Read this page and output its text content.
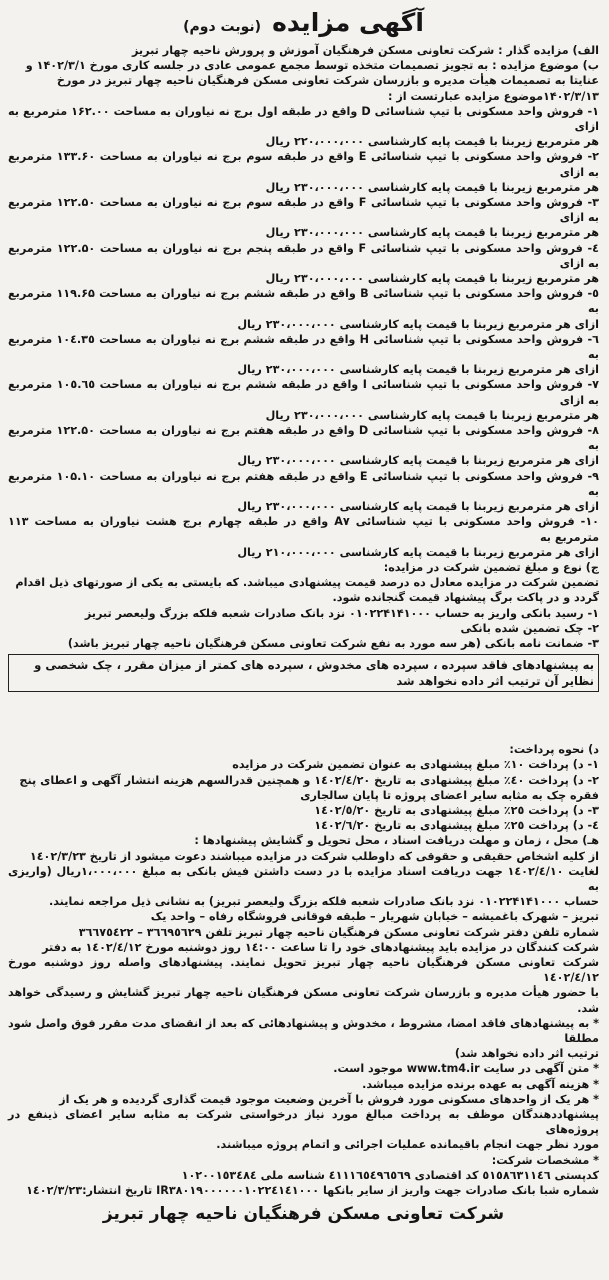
آگهی مزایده (نوبت دوم)

الف) مزایده گذار : شرکت تعاونی مسکن فرهنگیان آموزش و پرورش ناحیه چهار تبریز

ب) موضوع مزایده : به تجویز تصمیمات متخذه توسط مجمع عمومی عادی در جلسه کاری مورخ ۱۴۰۲/۳/۱ و

عنایتا به تصمیمات هیأت مدیره و بازرسان شرکت تعاونی مسکن فرهنگیان ناحیه چهار تبریز در مورخ

۱۴۰۲/۳/۱۳موضوع مزایده عبارتست از :

۱- فروش واحد مسکونی با تیپ شناسائی D واقع در طبقه اول برج نه نیاوران به مساحت ۱۶۲.۰۰ مترمربع به ازای

هر مترمربع زیربنا با قیمت پایه کارشناسی ۲۲۰،۰۰۰،۰۰۰ ریال

۲- فروش واحد مسکونی با تیپ شناسائی E واقع در طبقه سوم برج نه نیاوران به مساحت ۱۳۳.۶۰ مترمربع به ازای

هر مترمربع زیربنا با قیمت پایه کارشناسی ۲۳۰،۰۰۰،۰۰۰ ریال

۳- فروش واحد مسکونی با تیپ شناسائی F واقع در طبقه سوم برج نه نیاوران به مساحت ۱۲۲.۵۰ مترمربع به ازای

هر مترمربع زیربنا با قیمت پایه کارشناسی ۲۳۰،۰۰۰،۰۰۰ ریال

٤- فروش واحد مسکونی با تیپ شناسائی F واقع در طبقه پنجم برج نه نیاوران به مساحت ۱۲۲.۵۰ مترمربع به ازای

هر مترمربع زیربنا با قیمت پایه کارشناسی ۲۳۰،۰۰۰،۰۰۰ ریال

٥- فروش واحد مسکونی با تیپ شناسائی B واقع در طبقه ششم برج نه نیاوران به مساحت ۱۱۹.۶۵ مترمربع به

ازای هر مترمربع زیربنا با قیمت پایه کارشناسی ۲۳۰،۰۰۰،۰۰۰ ریال

٦- فروش واحد مسکونی با تیپ شناسائی H واقع در طبقه ششم برج نه نیاوران به مساحت ۱۰٤.۳٥ مترمربع به

ازای هر مترمربع زیربنا با قیمت پایه کارشناسی ۲۳۰،۰۰۰،۰۰۰ ریال

۷- فروش واحد مسکونی با تیپ شناسائی I واقع در طبقه ششم برج نه نیاوران به مساحت ۱۰٥.٦٥ مترمربع به ازای

هر مترمربع زیربنا با قیمت پایه کارشناسی ۲۳۰،۰۰۰،۰۰۰ ریال

۸- فروش واحد مسکونی با تیپ شناسائی D واقع در طبقه هفتم برج نه نیاوران به مساحت ۱۲۲.۵۰ مترمربع به

ازای هر مترمربع زیربنا با قیمت پایه کارشناسی ۲۳۰،۰۰۰،۰۰۰ ریال

۹- فروش واحد مسکونی با تیپ شناسائی E واقع در طبقه هفتم برج نه نیاوران به مساحت ۱۰۵.۱۰ مترمربع به

ازای هر مترمربع زیربنا با قیمت پایه کارشناسی ۲۳۰،۰۰۰،۰۰۰ ریال

۱۰- فروش واحد مسکونی با تیپ شناسائی A۷ واقع در طبقه چهارم برج هشت نیاوران به مساحت ۱۱۳ مترمربع به

ازای هر مترمربع زیربنا با قیمت پایه کارشناسی ۲۱۰،۰۰۰،۰۰۰ ریال

ج) نوع و مبلغ تضمین شرکت در مزایده:

تضمین شرکت در مزایده معادل ده درصد قیمت پیشنهادی میباشد. که بایستی به یکی از صورتهای ذیل اقدام

گردد و در پاکت برگ پیشنهاد قیمت گنجانده شود.

۱- رسید بانکی واریز به حساب ۰۱۰۲۲۴۱۴۱۰۰۰ نزد بانک صادرات شعبه فلکه بزرگ ولیعصر تبریز

۲- چک تضمین شده بانکی

۳- ضمانت نامه بانکی (هر سه مورد به نفع شرکت تعاونی مسکن فرهنگیان ناحیه چهار تبریز باشد)

به پیشنهادهای فاقد سپرده ، سپرده های مخدوش ، سپرده های کمتر از میزان مقرر ، چک شخصی و
نظایر آن ترتیب اثر داده نخواهد شد

د) نحوه پرداخت:

۱- د) پرداخت ۱۰٪ مبلغ پیشنهادی به عنوان تضمین شرکت در مزایده

۲- د) پرداخت ٤۰٪ مبلغ پیشنهادی به تاریخ ۱٤۰۲/٤/۲۰ و همچنین قدرالسهم هزینه انتشار آگهی و اعطای پنج

فقره چک به مثابه سایر اعضای پروژه تا پایان سالجاری

۳- د) پرداخت ۲٥٪ مبلغ پیشنهادی به تاریخ ۱٤۰۲/٥/۲۰

٤- د) پرداخت ۲٥٪ مبلغ پیشنهادی به تاریخ ۱٤۰۲/٦/۲۰

هـ) محل ، زمان و مهلت دریافت اسناد ، محل تحویل و گشایش پیشنهادها :

از کلیه اشخاص حقیقی و حقوقی که داوطلب شرکت در مزایده میباشند دعوت میشود از تاریخ ۱٤۰۲/۳/۲۳

لغایت ۱٤۰۲/٤/۱۰ جهت دریافت اسناد مزایده با در دست داشتن فیش بانکی به مبلغ ۱،۰۰۰،۰۰۰ریال (واریزی به

حساب ۰۱۰۲۲۴۱۴۱۰۰۰ نزد بانک صادرات شعبه فلکه بزرگ ولیعصر تبریز) به نشانی ذیل مراجعه نمایند.

تبریز – شهرک باغمیشه – خیابان شهریار – طبقه فوقانی فروشگاه رفاه – واحد یک

شماره تلفن دفتر شرکت تعاونی مسکن فرهنگیان ناحیه چهار تبریز تلفن ۳٦٦٩٥٦٢٩ – ۳٦٦٧٥٤٢٢

شرکت کنندگان در مزایده باید پیشنهادهای خود را تا ساعت ۱٤:۰۰ روز دوشنبه مورخ ۱٤۰۲/٤/۱۲ به دفتر

شرکت تعاونی مسکن فرهنگیان ناحیه چهار تبریز تحویل نمایند. پیشنهادهای واصله روز دوشنبه مورخ ۱٤۰۲/٤/۱۲

با حضور هیأت مدیره و بازرسان شرکت تعاونی مسکن فرهنگیان ناحیه چهار تبریز گشایش و رسیدگی خواهد شد.

* به پیشنهادهای فاقد امضا، مشروط ، مخدوش و پیشنهادهائی که بعد از انقضای مدت مقرر فوق واصل شود مطلقا

ترتیب اثر داده نخواهد شد)

* متن آگهی در سایت www.tm4.ir موجود است.

* هزینه آگهی به عهده برنده مزایده میباشد.

* هر یک از واحدهای مسکونی مورد فروش با آخرین وضعیت موجود قیمت گذاری گردیده و هر یک از

پیشنهاددهندگان موظف به پرداخت مبالغ مورد نیاز درخواستی شرکت به مثابه سایر اعضای ذینفع در پروژه‌های

مورد نظر جهت انجام باقیمانده عملیات اجرائی و اتمام پروژه میباشند.

* مشخصات شرکت:

کدپستی ٥١٥٨٦٣١١٤٦ کد اقتصادی ٤١١١٦٥٤٩٦٥٦٩ شناسه ملی ۱۰۲۰۰۱٥۳٤٨٤

شماره شبا بانک صادرات جهت واریز از سایر بانکها IR۳۸۰۱۹۰۰۰۰۰۰۱۰۲۲٤۱٤۱۰۰۰ تاریخ انتشار:۱٤۰۲/۳/۲۳

شرکت تعاونی مسکن فرهنگیان ناحیه چهار تبریز
